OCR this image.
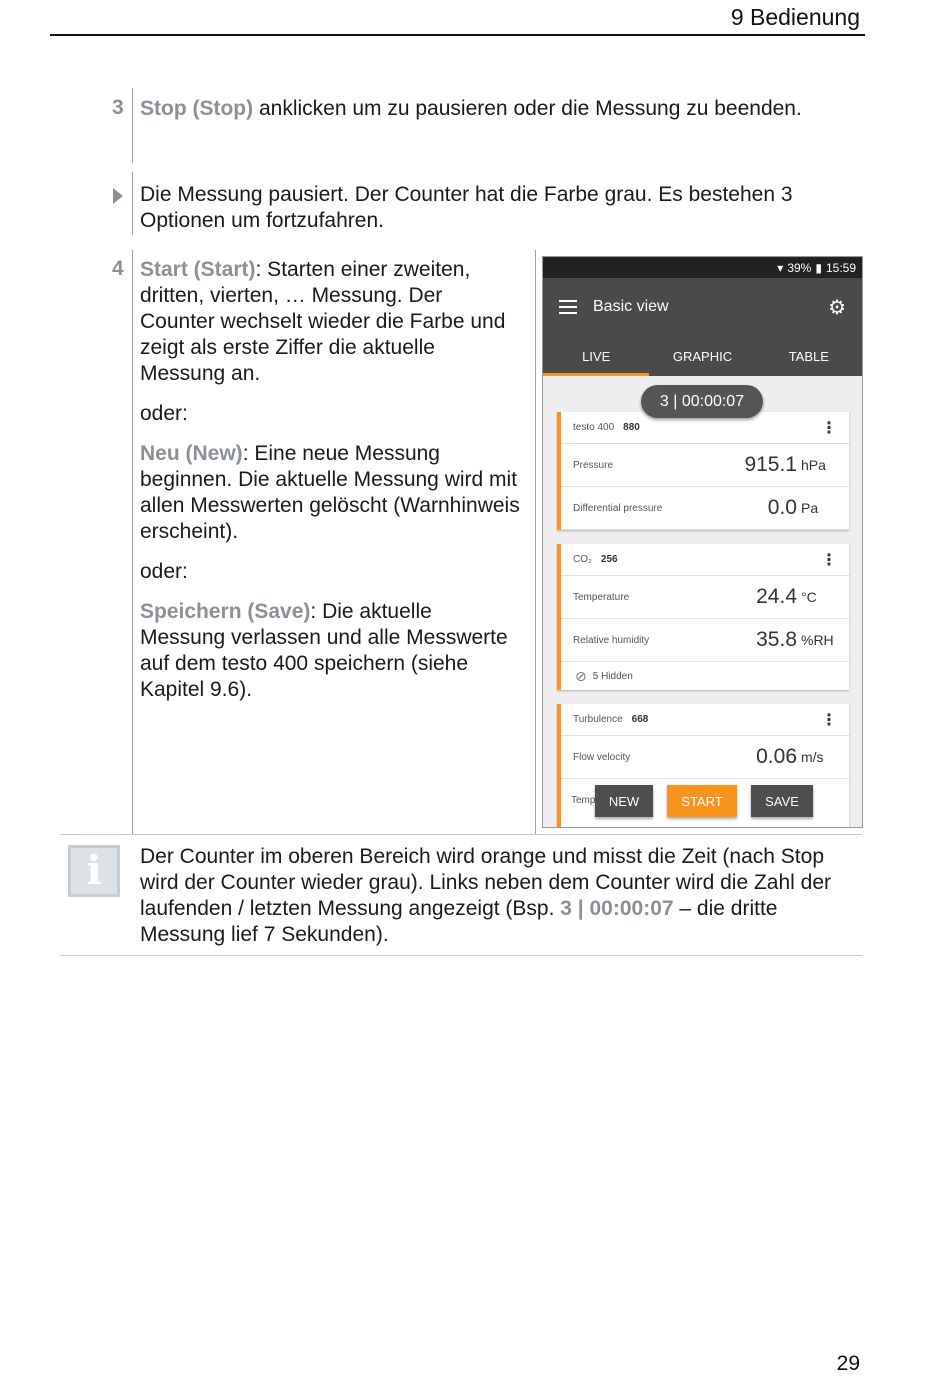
9 Bedienung
3 Stop (Stop) anklicken um zu pausieren oder die Messung zu beenden.
Die Messung pausiert. Der Counter hat die Farbe grau. Es bestehen 3 Optionen um fortzufahren.
4 Start (Start): Starten einer zweiten, dritten, vierten, … Messung. Der Counter wechselt wieder die Farbe und zeigt als erste Ziffer die aktuelle Messung an.

oder:

Neu (New): Eine neue Messung beginnen. Die aktuelle Messung wird mit allen Messwerten gelöscht (Warnhinweis erscheint).

oder:

Speichern (Save): Die aktuelle Messung verlassen und alle Messwerte auf dem testo 400 speichern (siehe Kapitel 9.6).

▾ 39% ▮ 15:59
Basic view	⚙
LIVE	GRAPHIC	TABLE
3 | 00:00:07
testo 400 880	⋮
Pressure	915.1 hPa
Differential pressure	0.0 Pa
CO₂ 256	⋮
Temperature	24.4 °C
Relative humidity	35.8 %RH
⊘ 5 Hidden
Turbulence 668	⋮
Flow velocity	0.06 m/s
Temp	NEW	START	SAVE
i Der Counter im oberen Bereich wird orange und misst die Zeit (nach Stop wird der Counter wieder grau). Links neben dem Counter wird die Zahl der laufenden / letzten Messung angezeigt (Bsp. 3 | 00:00:07 – die dritte Messung lief 7 Sekunden).
29
